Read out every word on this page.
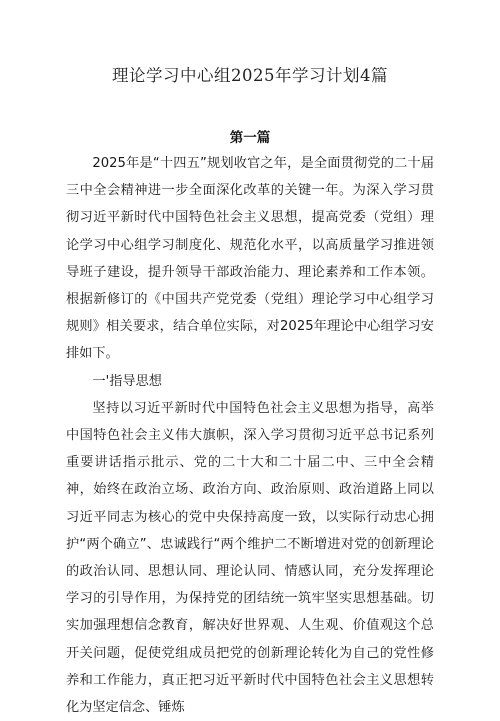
理论学习中心组2025年学习计划4篇
第一篇

2025年是“十四五”规划收官之年，是全面贯彻党的二十届三中全会精神进一步全面深化改革的关键一年。为深入学习贯彻习近平新时代中国特色社会主义思想，提高党委（党组）理论学习中心组学习制度化、规范化水平，以高质量学习推进领导班子建设，提升领导干部政治能力、理论素养和工作本领。根据新修订的《中国共产党党委（党组）理论学习中心组学习规则》相关要求，结合单位实际，对2025年理论中心组学习安排如下。

一'指导思想

坚持以习近平新时代中国特色社会主义思想为指导，高举中国特色社会主义伟大旗帜，深入学习贯彻习近平总书记系列重要讲话指示批示、党的二十大和二十届二中、三中全会精神，始终在政治立场、政治方向、政治原则、政治道路上同以习近平同志为核心的党中央保持高度一致，以实际行动忠心拥护“两个确立”、忠诚践行“两个维护二不断增进对党的创新理论的政治认同、思想认同、理论认同、情感认同，充分发挥理论学习的引导作用，为保持党的团结统一筑牢坚实思想基础。切实加强理想信念教育，解决好世界观、人生观、价值观这个总开关问题，促使党组成员把党的创新理论转化为自己的党性修养和工作能力，真正把习近平新时代中国特色社会主义思想转化为坚定信念、锤炼
